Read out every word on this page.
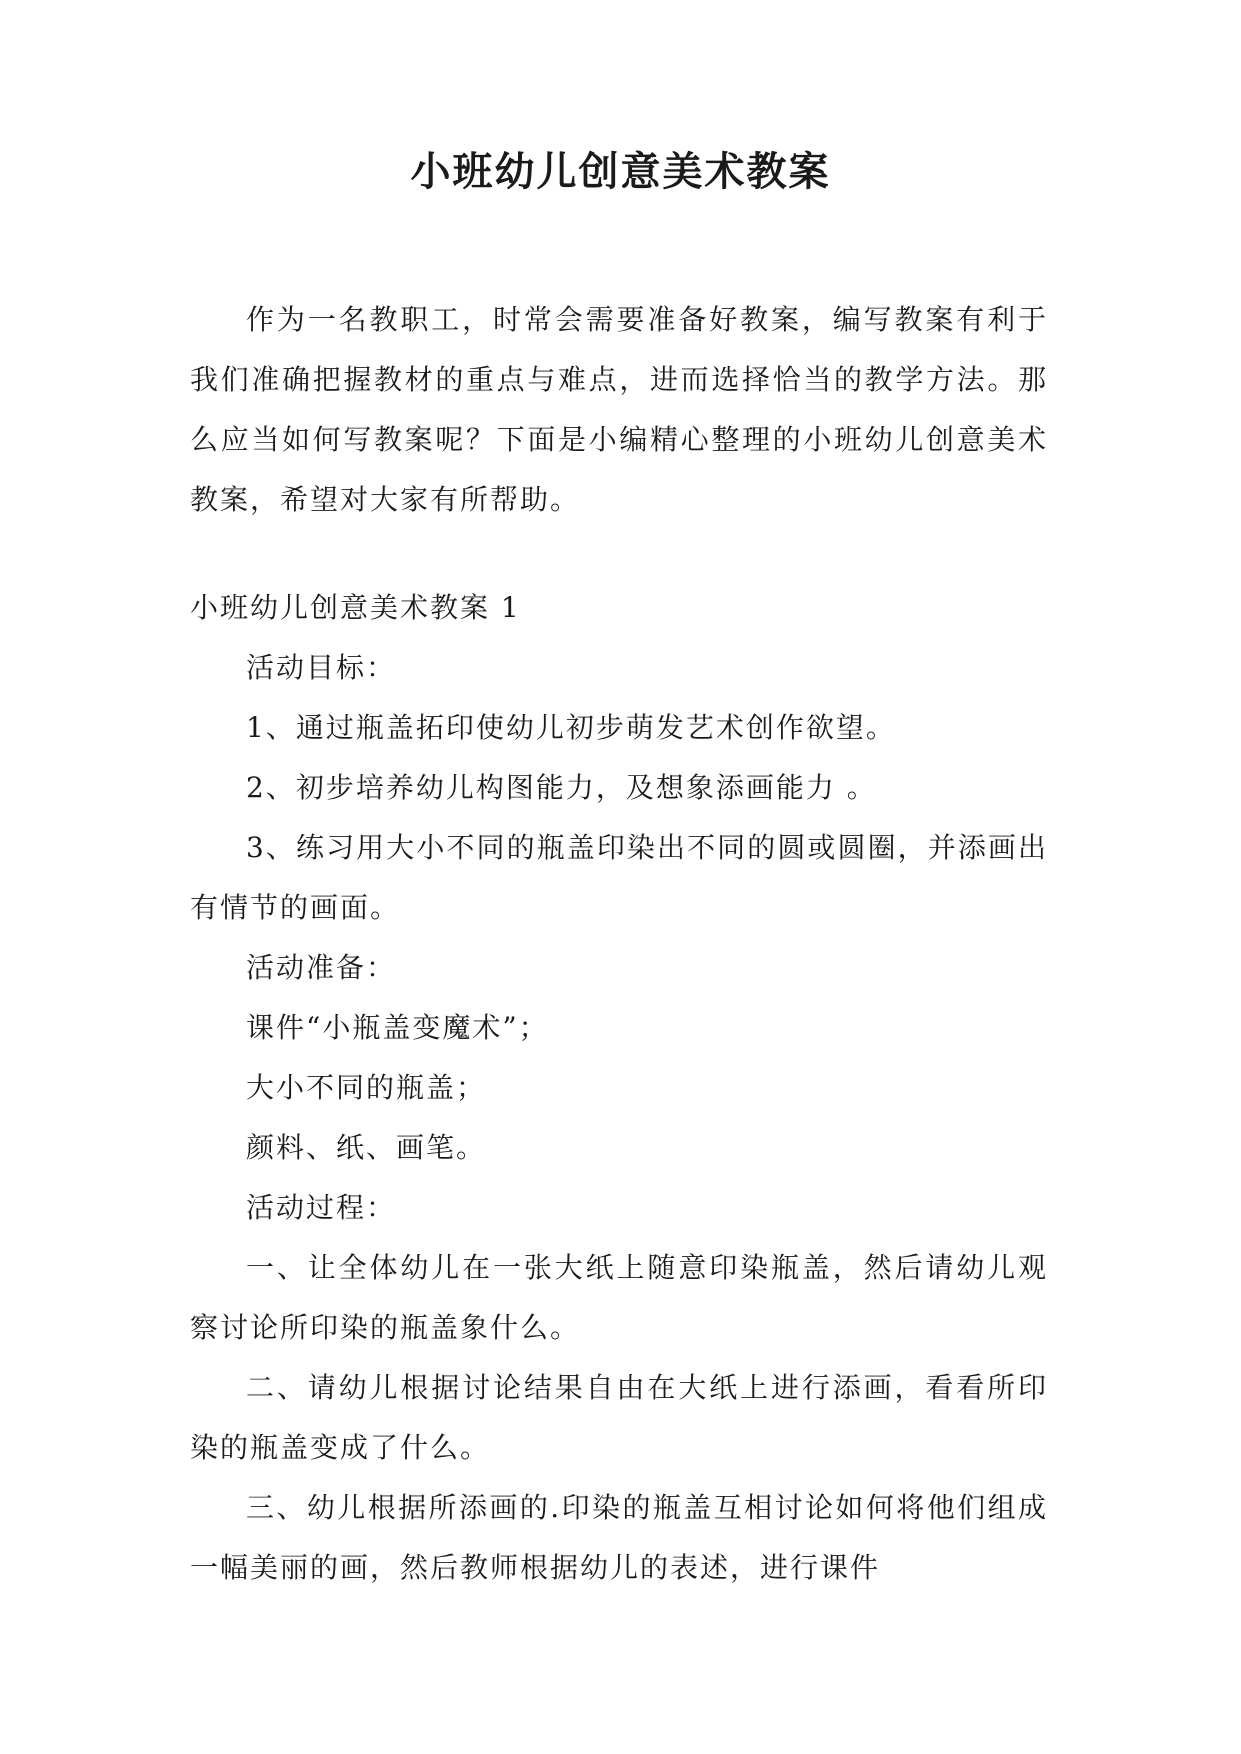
小班幼儿创意美术教案

作为一名教职工，时常会需要准备好教案，编写教案有利于我们准确把握教材的重点与难点，进而选择恰当的教学方法。那么应当如何写教案呢？下面是小编精心整理的小班幼儿创意美术教案，希望对大家有所帮助。

小班幼儿创意美术教案 1

活动目标：

1、通过瓶盖拓印使幼儿初步萌发艺术创作欲望。

2、初步培养幼儿构图能力，及想象添画能力 。

3、练习用大小不同的瓶盖印染出不同的圆或圆圈，并添画出有情节的画面。

活动准备：

课件“小瓶盖变魔术”；

大小不同的瓶盖；

颜料、纸、画笔。

活动过程：

一、让全体幼儿在一张大纸上随意印染瓶盖，然后请幼儿观察讨论所印染的瓶盖象什么。

二、请幼儿根据讨论结果自由在大纸上进行添画，看看所印染的瓶盖变成了什么。

三、幼儿根据所添画的.印染的瓶盖互相讨论如何将他们组成一幅美丽的画，然后教师根据幼儿的表述，进行课件
